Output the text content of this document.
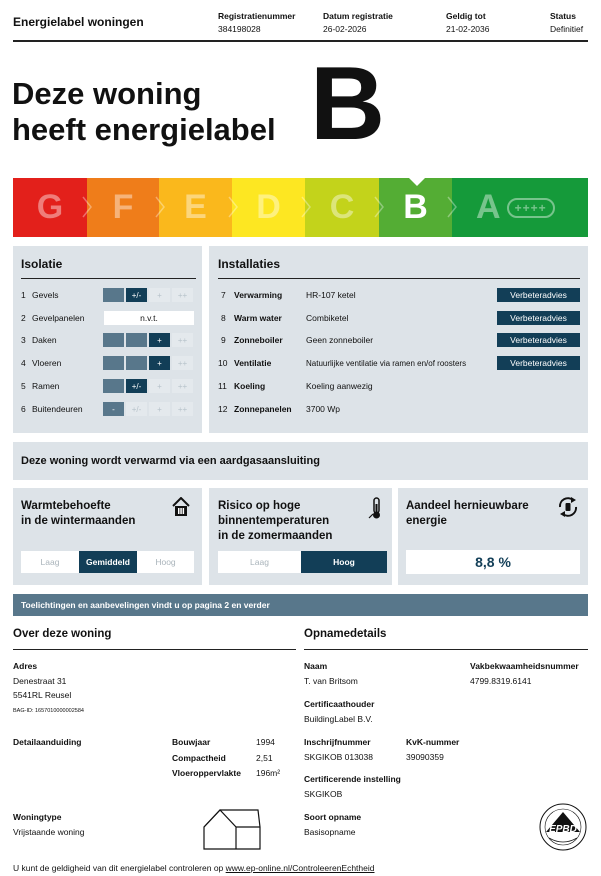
Energielabel woningen	Registratienummer
384198028
Datum registratie
26-02-2026
Geldig tot
21-02-2036
Status
Definitief
Deze woning
heeft energielabel B
G F E D C B A	++++
Isolatie
1 Gevels	+/-	+	++
2 Gevelpanelen	n.v.t.
3 Daken	+	++
4 Vloeren	+	++
5 Ramen	+/-	+	++
6 Buitendeuren	-	+/-	+	++
Installaties
7 Verwarming	HR-107 ketel	Verbeteradvies
8 Warm water	Combiketel	Verbeteradvies
9 Zonneboiler	Geen zonneboiler	Verbeteradvies
10 Ventilatie	Natuurlijke ventilatie via ramen en/of roosters	Verbeteradvies
11 Koeling	Koeling aanwezig
12 Zonnepanelen	3700 Wp
Deze woning wordt verwarmd via een aardgasaansluiting
Warmtebehoefte
in de wintermaanden
Laag	Gemiddeld	Hoog
Risico op hoge
binnentemperaturen
in de zomermaanden
Laag	Hoog
Aandeel hernieuwbare
energie
8,8 %
Toelichtingen en aanbevelingen vindt u op pagina 2 en verder
Over deze woning
Adres
Denestraat 31
5541RL Reusel
BAG-ID: 1657010000002584
Detailaanduiding	Bouwjaar	1994
Compactheid	2,51
Vloeroppervlakte 196m²
Woningtype
Vrijstaande woning
Opnamedetails
Naam
T. van Britsom
Vakbekwaamheidsnummer
4799.8319.6141
Certificaathouder
BuildingLabel B.V.
Inschrijfnummer
SKGIKOB 013038
KvK-nummer
39090359
Certificerende instelling
SKGIKOB
Soort opname
Basisopname	EPBD
U kunt de geldigheid van dit energielabel controleren op www.ep-online.nl/ControleerenEchtheid
